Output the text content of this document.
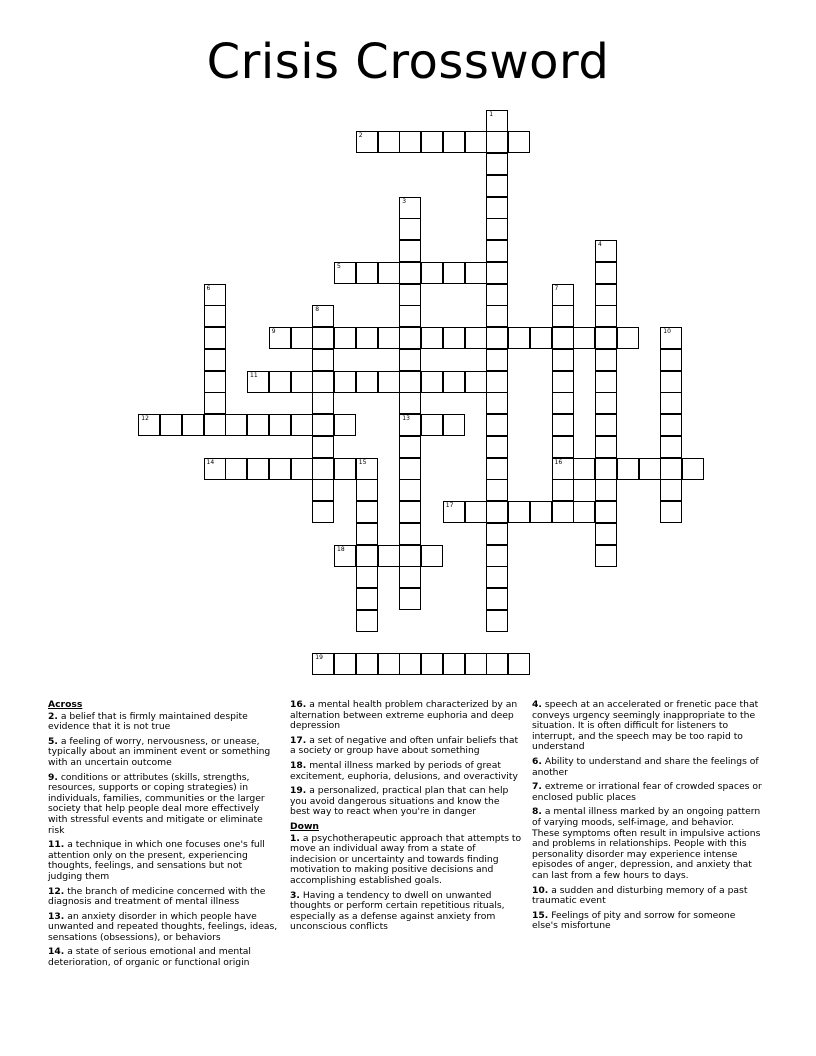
Crisis Crossword
1
2
3
13
4
5
6	7
16
8
9	10
11
12
14	15
17
18
19
Across
2. a belief that is firmly maintained despite evidence that it is not true
5. a feeling of worry, nervousness, or unease, typically about an imminent event or something with an uncertain outcome
9. conditions or attributes (skills, strengths, resources, supports or coping strategies) in individuals, families, communities or the larger society that help people deal more effectively with stressful events and mitigate or eliminate risk
11. a technique in which one focuses one's full attention only on the present, experiencing thoughts, feelings, and sensations but not judging them
12. the branch of medicine concerned with the diagnosis and treatment of mental illness
13. an anxiety disorder in which people have unwanted and repeated thoughts, feelings, ideas, sensations (obsessions), or behaviors
14. a state of serious emotional and mental deterioration, of organic or functional origin
16. a mental health problem characterized by an alternation between extreme euphoria and deep depression
17. a set of negative and often unfair beliefs that a society or group have about something
18. mental illness marked by periods of great excitement, euphoria, delusions, and overactivity
19. a personalized, practical plan that can help you avoid dangerous situations and know the best way to react when you're in danger
Down
1. a psychotherapeutic approach that attempts to move an individual away from a state of indecision or uncertainty and towards finding motivation to making positive decisions and accomplishing established goals.
3. Having a tendency to dwell on unwanted thoughts or perform certain repetitious rituals, especially as a defense against anxiety from unconscious conflicts
4. speech at an accelerated or frenetic pace that conveys urgency seemingly inappropriate to the situation. It is often difficult for listeners to interrupt, and the speech may be too rapid to understand
6. Ability to understand and share the feelings of another
7. extreme or irrational fear of crowded spaces or enclosed public places
8. a mental illness marked by an ongoing pattern of varying moods, self-image, and behavior. These symptoms often result in impulsive actions and problems in relationships. People with this personality disorder may experience intense episodes of anger, depression, and anxiety that can last from a few hours to days.
10. a sudden and disturbing memory of a past traumatic event
15. Feelings of pity and sorrow for someone else's misfortune
